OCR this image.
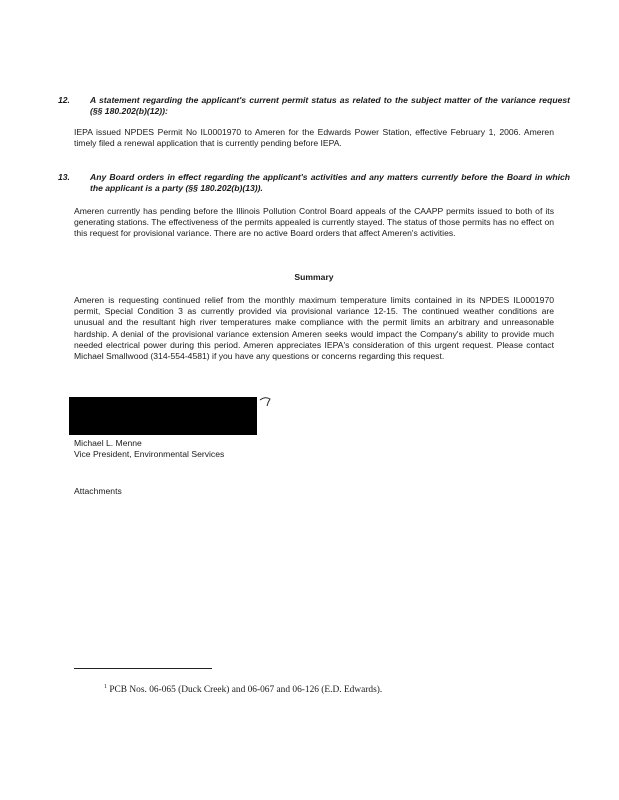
12. A statement regarding the applicant's current permit status as related to the subject matter of the variance request (§§ 180.202(b)(12)):
IEPA issued NPDES Permit No IL0001970 to Ameren for the Edwards Power Station, effective February 1, 2006. Ameren timely filed a renewal application that is currently pending before IEPA.
13. Any Board orders in effect regarding the applicant's activities and any matters currently before the Board in which the applicant is a party (§§ 180.202(b)(13)).
Ameren currently has pending before the Illinois Pollution Control Board appeals of the CAAPP permits issued to both of its generating stations. The effectiveness of the permits appealed is currently stayed. The status of those permits has no effect on this request for provisional variance. There are no active Board orders that affect Ameren's activities.
Summary
Ameren is requesting continued relief from the monthly maximum temperature limits contained in its NPDES IL0001970 permit, Special Condition 3 as currently provided via provisional variance 12-15. The continued weather conditions are unusual and the resultant high river temperatures make compliance with the permit limits an arbitrary and unreasonable hardship. A denial of the provisional variance extension Ameren seeks would impact the Company's ability to provide much needed electrical power during this period. Ameren appreciates IEPA's consideration of this urgent request. Please contact Michael Smallwood (314-554-4581) if you have any questions or concerns regarding this request.
Michael L. Menne
Vice President, Environmental Services
Attachments
$^1$ PCB Nos. 06-065 (Duck Creek) and 06-067 and 06-126 (E.D. Edwards).
